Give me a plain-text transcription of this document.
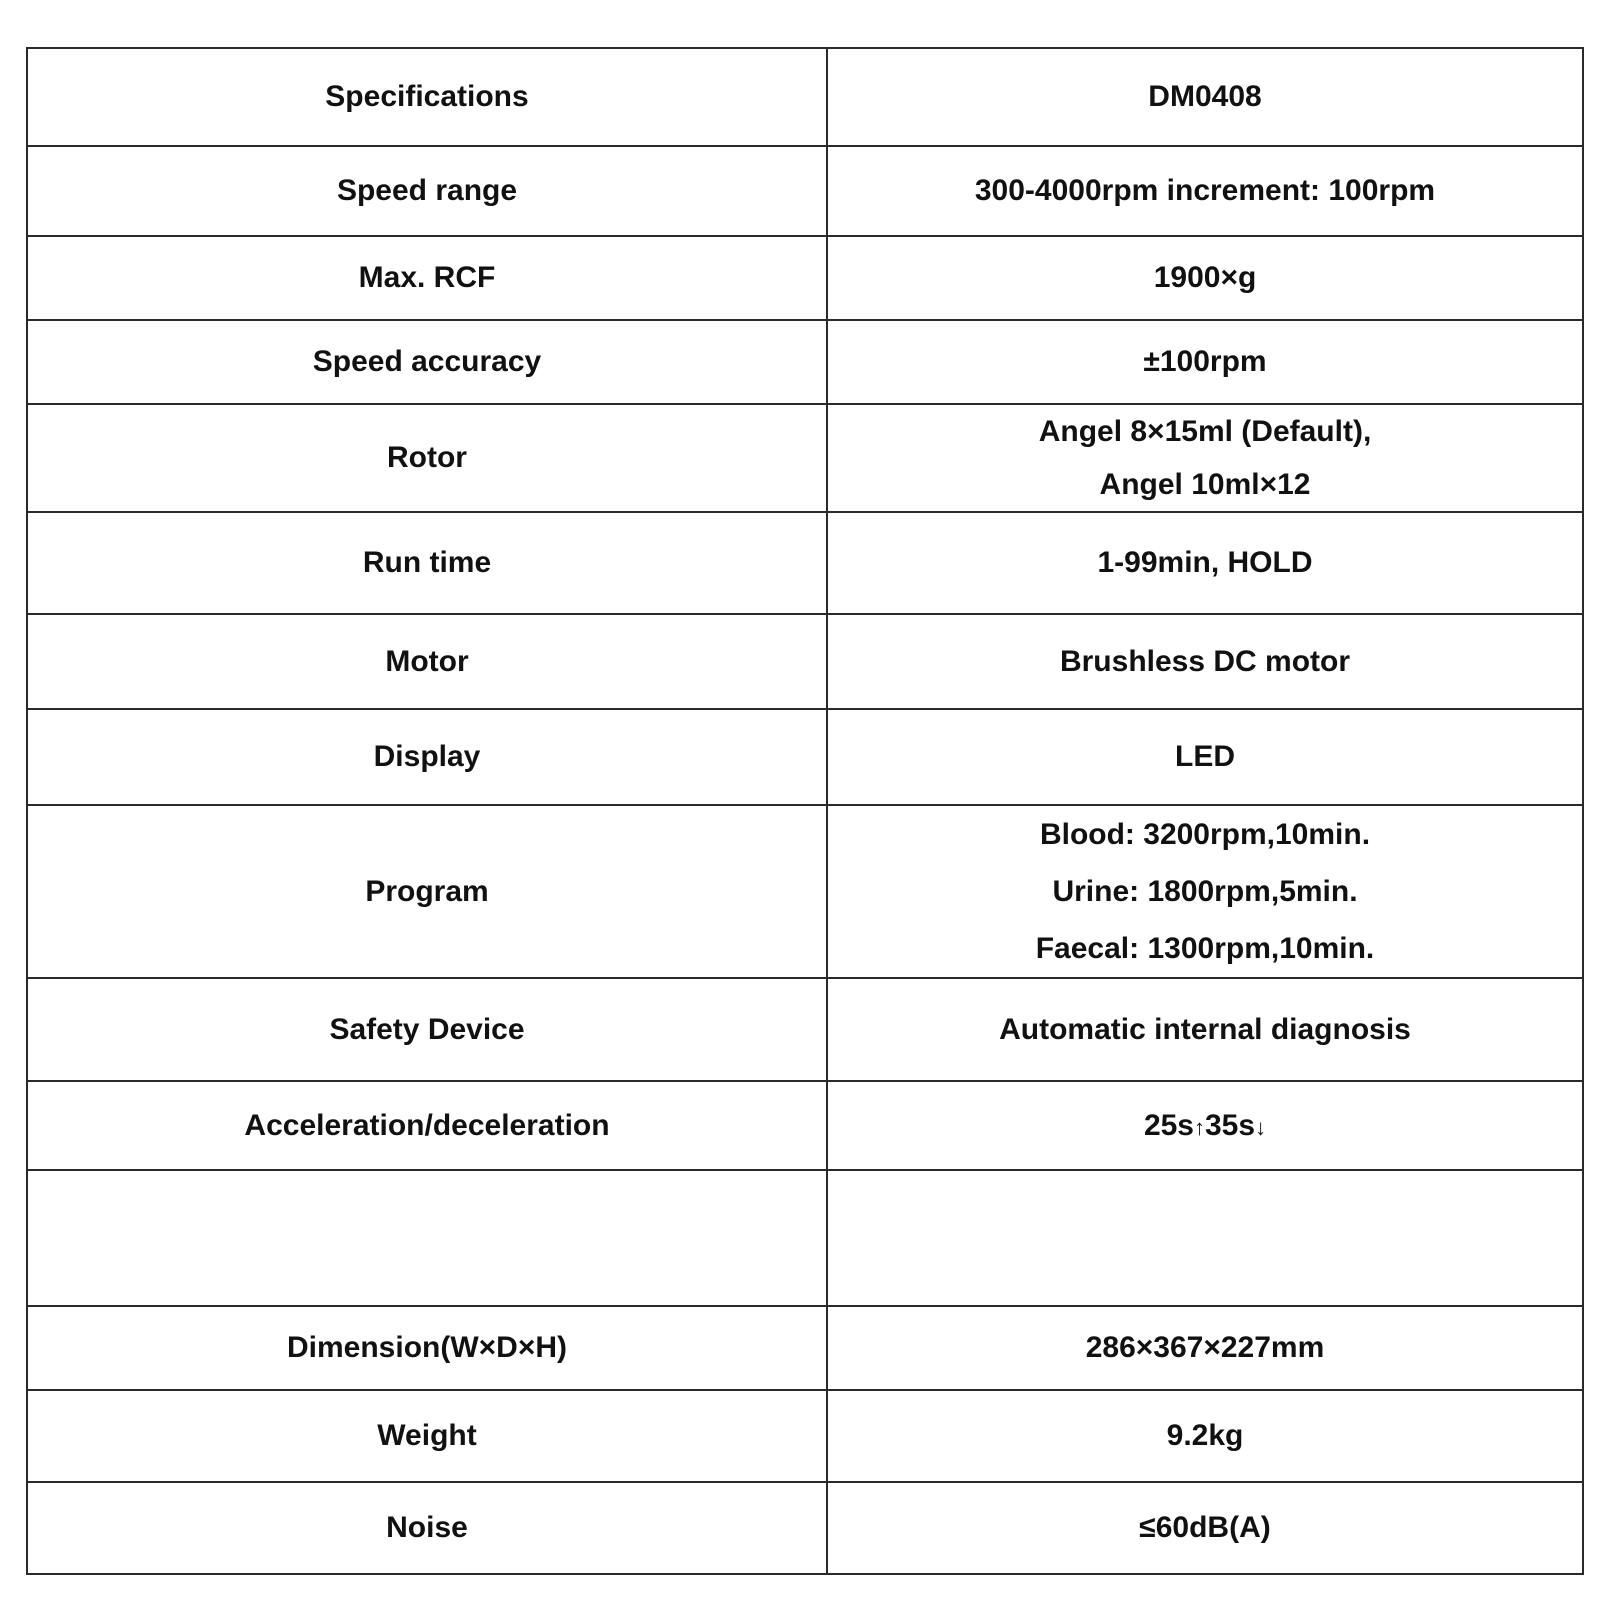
Specifications	DM0408
Speed range	300-4000rpm increment: 100rpm
Max. RCF	1900×g
Speed accuracy	±100rpm
Rotor	Angel 8×15ml (Default),
Angel 10ml×12

Run time	1-99min, HOLD
Motor	Brushless DC motor
Display	LED
Program	Blood: 3200rpm,10min.
Urine: 1800rpm,5min.
Faecal: 1300rpm,10min.

Safety Device	Automatic internal diagnosis
Acceleration/deceleration	25s↑35s↓

Dimension(W×D×H)	286×367×227mm
Weight	9.2kg
Noise	≤60dB(A)
